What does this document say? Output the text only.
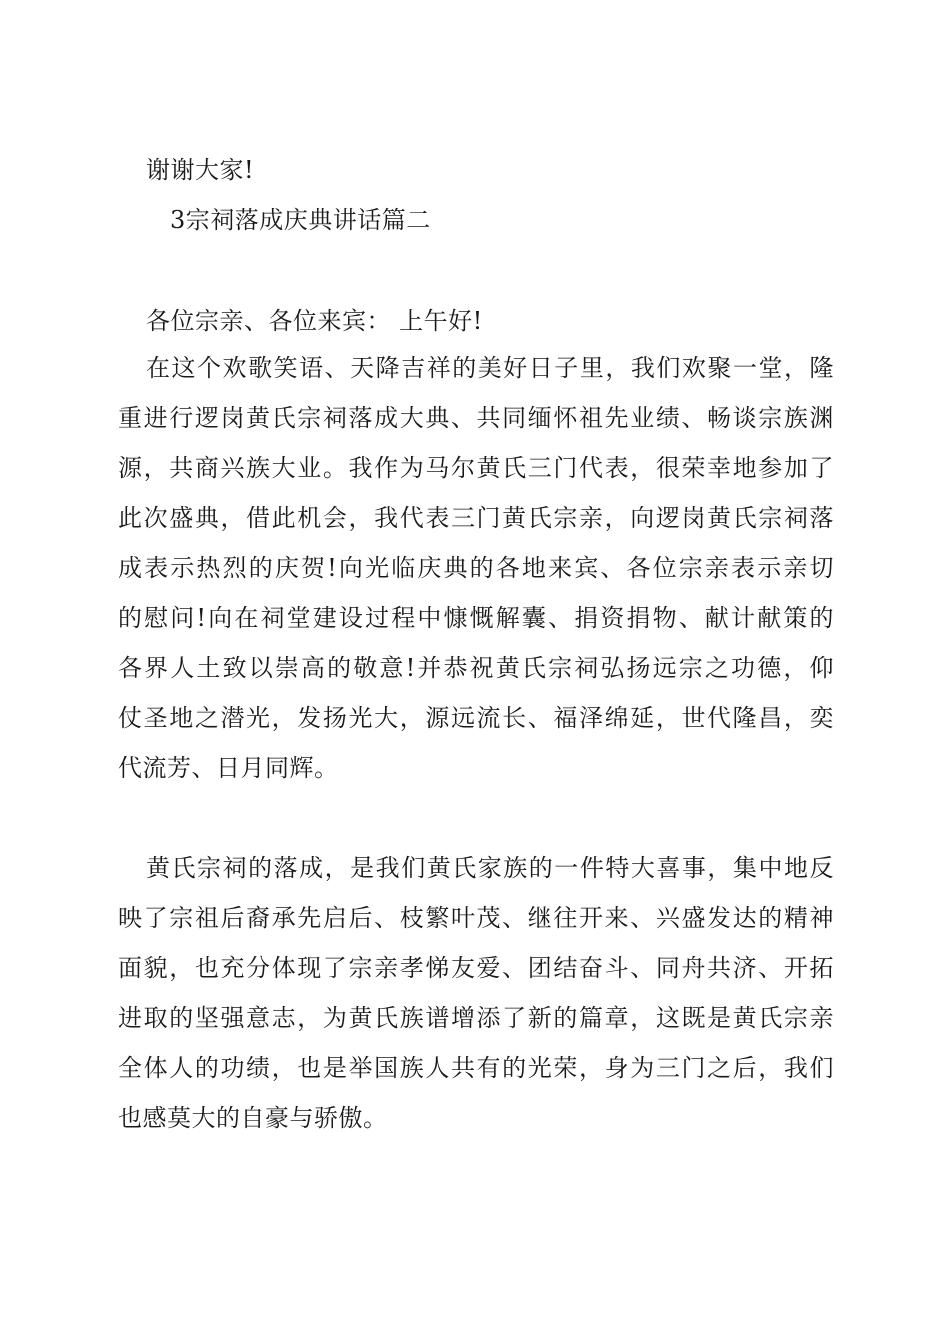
谢谢大家!
3宗祠落成庆典讲话篇二
各位宗亲、各位来宾： 上午好!
在这个欢歌笑语、天降吉祥的美好日子里，我们欢聚一堂，隆
重进行逻岗黄氏宗祠落成大典、共同缅怀祖先业绩、畅谈宗族渊
源，共商兴族大业。我作为马尔黄氏三门代表，很荣幸地参加了
此次盛典，借此机会，我代表三门黄氏宗亲，向逻岗黄氏宗祠落
成表示热烈的庆贺!向光临庆典的各地来宾、各位宗亲表示亲切
的慰问!向在祠堂建设过程中慷慨解囊、捐资捐物、献计献策的
各界人土致以崇高的敬意!并恭祝黄氏宗祠弘扬远宗之功德，仰
仗圣地之潜光，发扬光大，源远流长、福泽绵延，世代隆昌，奕
代流芳、日月同辉。
黄氏宗祠的落成，是我们黄氏家族的一件特大喜事，集中地反
映了宗祖后裔承先启后、枝繁叶茂、继往开来、兴盛发达的精神
面貌，也充分体现了宗亲孝悌友爱、团结奋斗、同舟共济、开拓
进取的坚强意志，为黄氏族谱增添了新的篇章，这既是黄氏宗亲
全体人的功绩，也是举国族人共有的光荣，身为三门之后，我们
也感莫大的自豪与骄傲。
